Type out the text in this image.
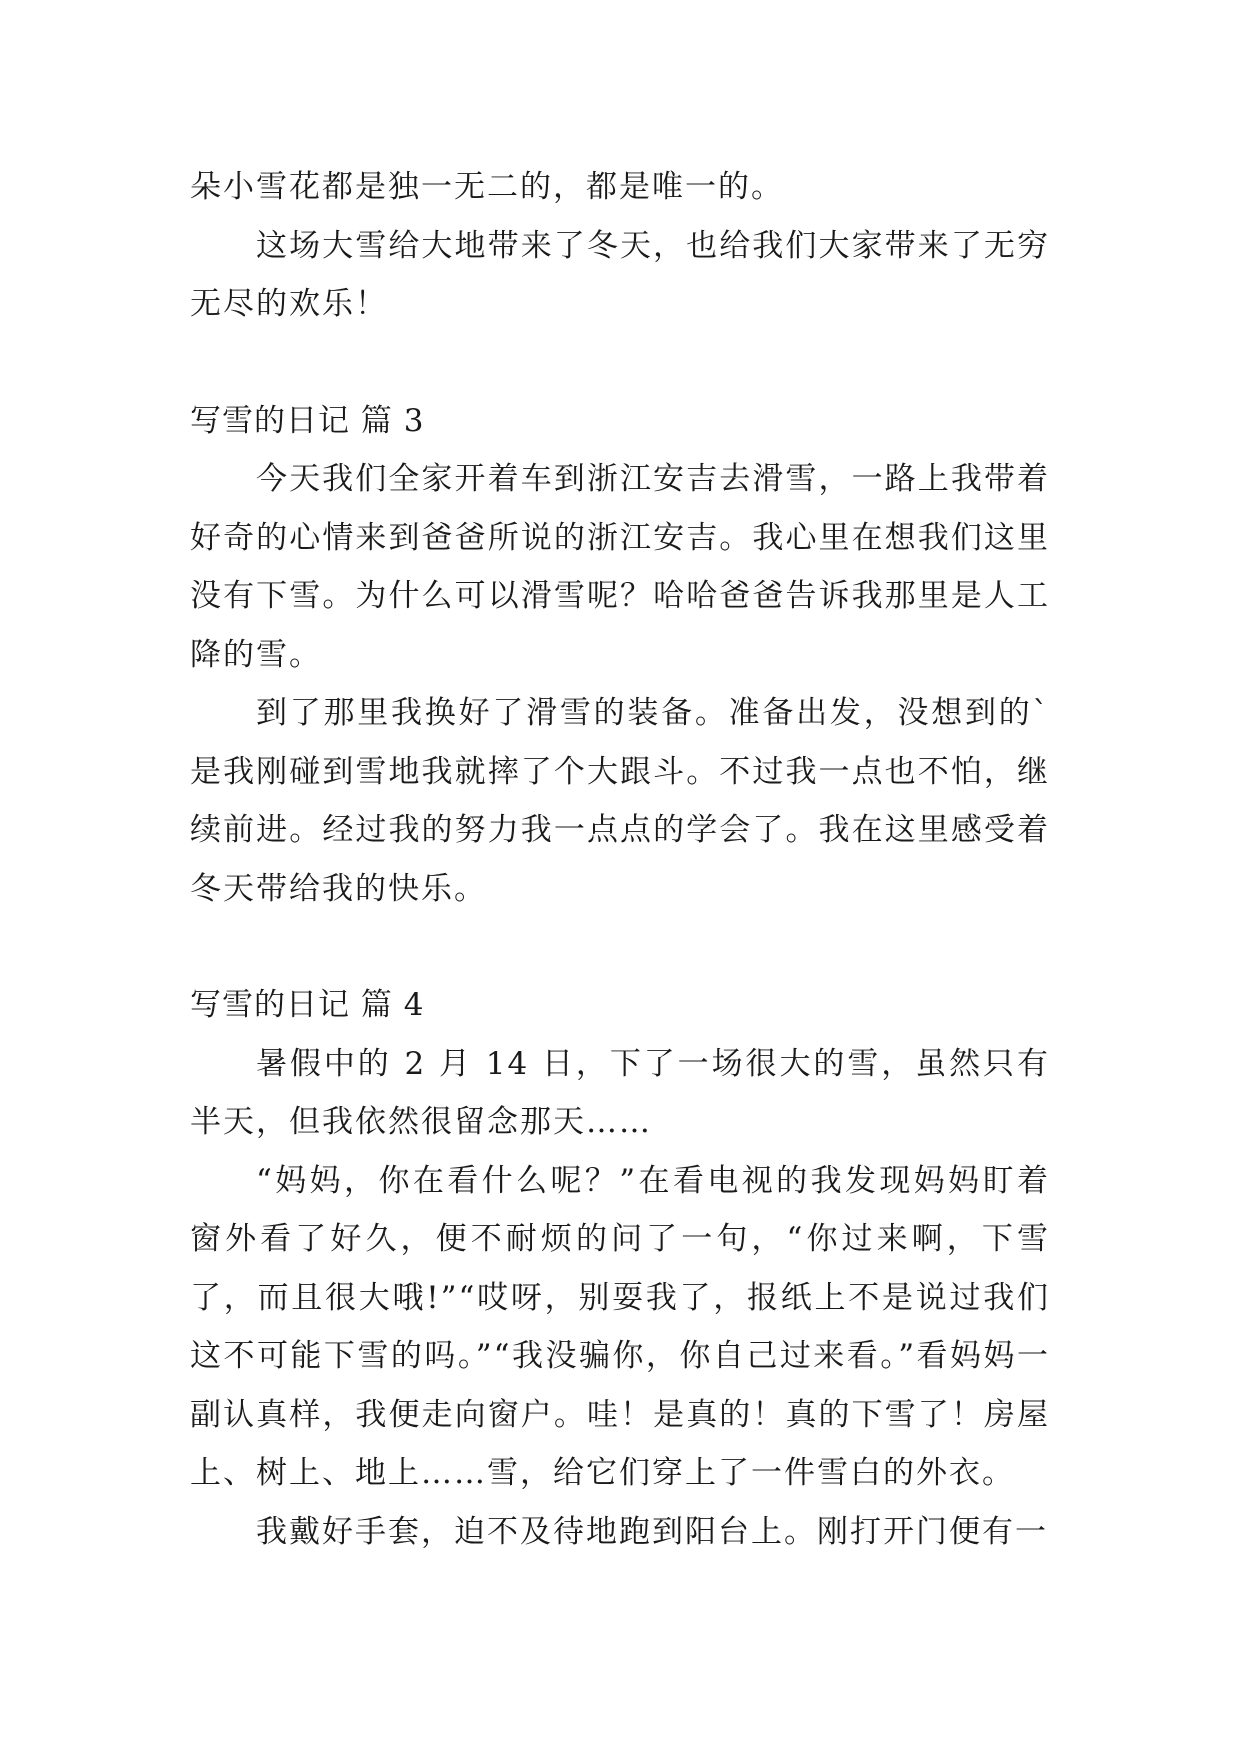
朵小雪花都是独一无二的，都是唯一的。

这场大雪给大地带来了冬天，也给我们大家带来了无穷无尽的欢乐！

写雪的日记 篇 3

今天我们全家开着车到浙江安吉去滑雪，一路上我带着好奇的心情来到爸爸所说的浙江安吉。我心里在想我们这里没有下雪。为什么可以滑雪呢？哈哈爸爸告诉我那里是人工降的雪。

到了那里我换好了滑雪的装备。准备出发，没想到的`是我刚碰到雪地我就摔了个大跟斗。不过我一点也不怕，继续前进。经过我的努力我一点点的学会了。我在这里感受着冬天带给我的快乐。

写雪的日记 篇 4

暑假中的 2 月 14 日，下了一场很大的雪，虽然只有半天，但我依然很留念那天……

“妈妈，你在看什么呢？”在看电视的我发现妈妈盯着窗外看了好久，便不耐烦的问了一句，“你过来啊，下雪了，而且很大哦!”“哎呀，别耍我了，报纸上不是说过我们这不可能下雪的吗。”“我没骗你，你自己过来看。”看妈妈一副认真样，我便走向窗户。哇！是真的！真的下雪了！房屋上、树上、地上……雪，给它们穿上了一件雪白的外衣。

我戴好手套，迫不及待地跑到阳台上。刚打开门便有一
